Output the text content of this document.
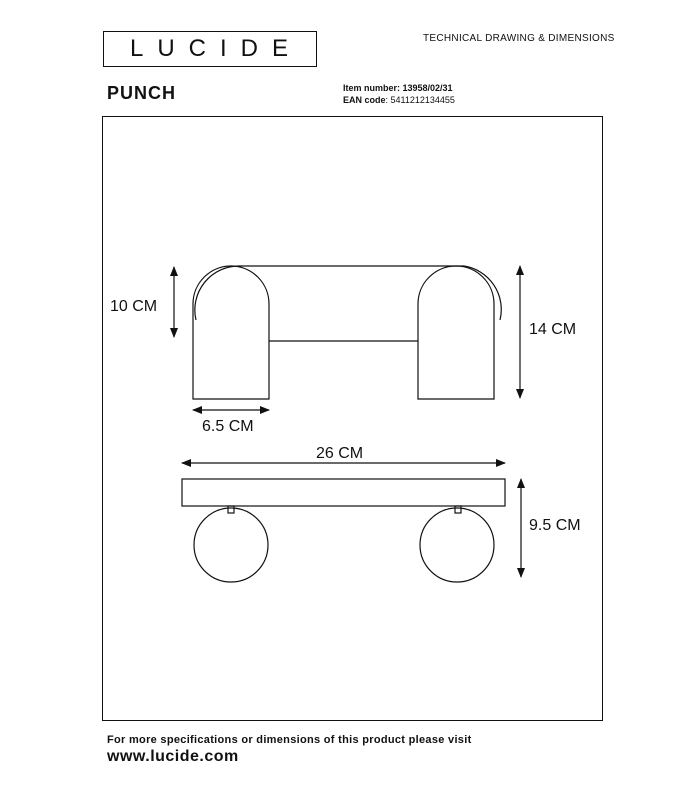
LUCIDE	TECHNICAL DRAWING & DIMENSIONS
PUNCH	Item number: 13958/02/31
EAN code: 5411212134455
10 CM
14 CM
6.5 CM
26 CM
9.5 CM
For more specifications or dimensions of this product please visit
www.lucide.com
